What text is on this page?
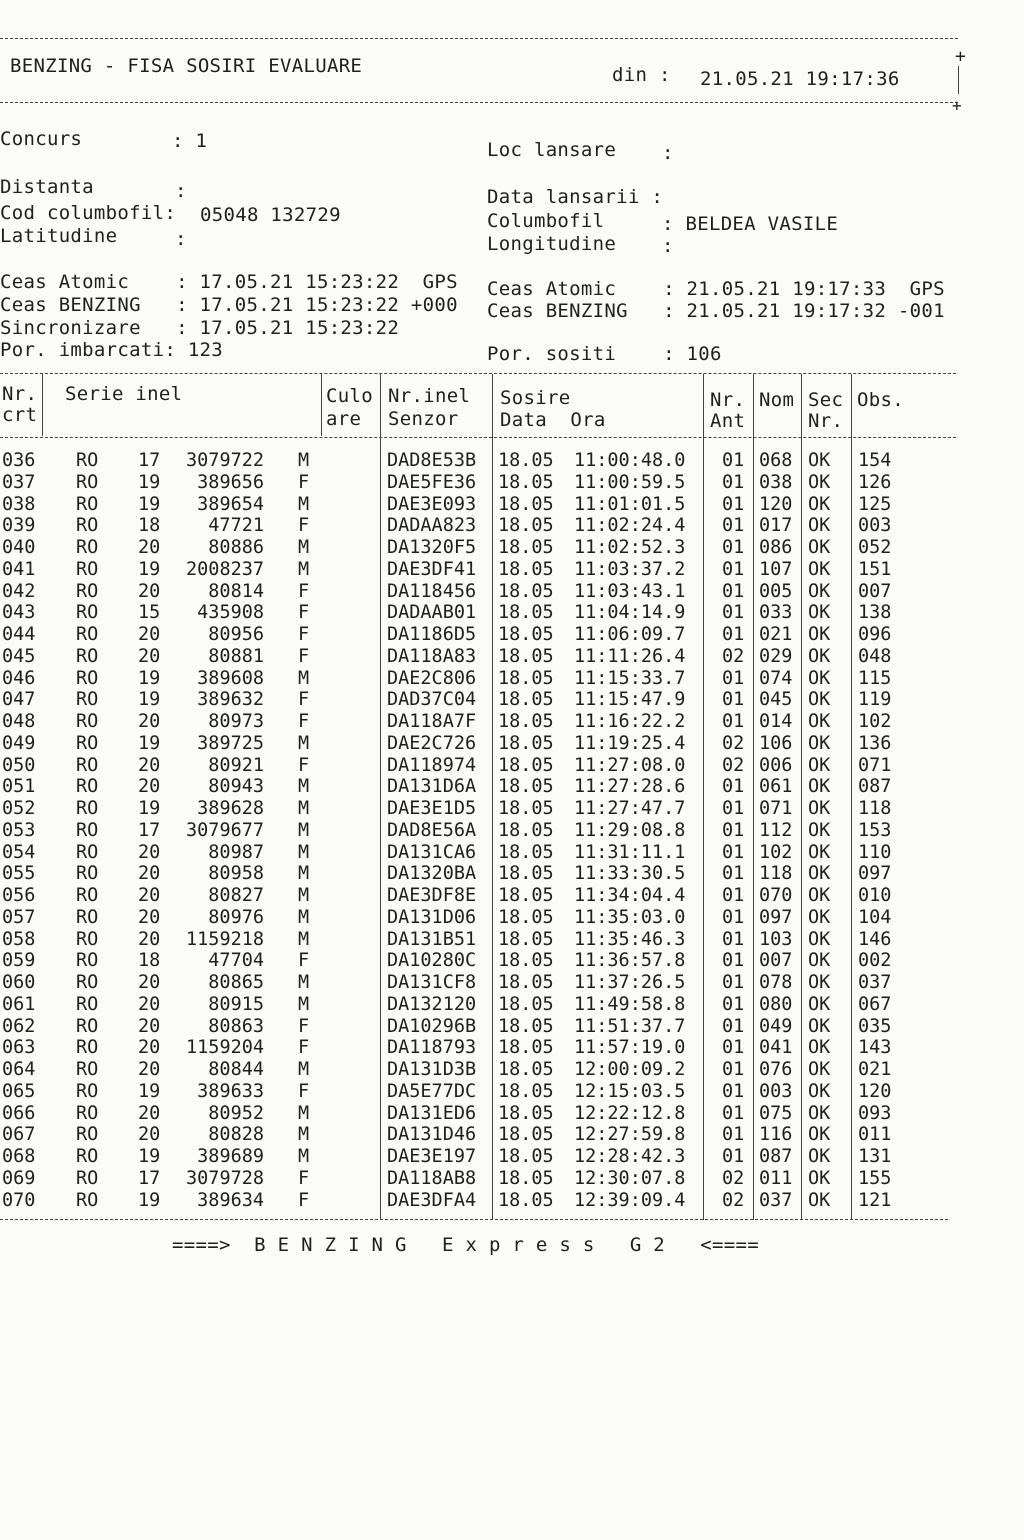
+
BENZING - FISA SOSIRI EVALUARE	din : 21.05.21 19:17:36
+
Concurs	: 1
Distanta	:
Cod columbofil: 05048 132729
Latitudine	:
Loc lansare :
Data lansarii :
Columbofil	: BELDEA VASILE
Longitudine :
Ceas Atomic    : 17.05.21 15:23:22  GPS
Ceas BENZING   : 17.05.21 15:23:22 +000
Sincronizare   : 17.05.21 15:23:22
Por. imbarcati: 123
Ceas Atomic    : 21.05.21 19:17:33  GPS
Ceas BENZING   : 21.05.21 19:17:32 -001
Por. sositi    : 106
Nr.
crt
Serie inel	Culo
are
Nr.inel
Senzor
Sosire
Data  Ora
Nr.
Ant
Nom Sec
Nr.
Obs.
036	RO	17	3079722 M	DAD8E53B	18.05 11:00:48.0	01 068 OK	154
037	RO	19	389656 F	DAE5FE36	18.05 11:00:59.5	01 038 OK	126
038	RO	19	389654 M	DAE3E093	18.05 11:01:01.5	01 120 OK	125
039	RO	18	47721 F	DADAA823	18.05 11:02:24.4	01 017 OK	003
040	RO	20	80886 M	DA1320F5	18.05 11:02:52.3	01 086 OK	052
041	RO	19	2008237 M	DAE3DF41	18.05 11:03:37.2	01 107 OK	151
042	RO	20	80814 F	DA118456	18.05 11:03:43.1	01 005 OK	007
043	RO	15	435908 F	DADAAB01	18.05 11:04:14.9	01 033 OK	138
044	RO	20	80956 F	DA1186D5	18.05 11:06:09.7	01 021 OK	096
045	RO	20	80881 F	DA118A83	18.05 11:11:26.4	02 029 OK	048
046	RO	19	389608 M	DAE2C806	18.05 11:15:33.7	01 074 OK	115
047	RO	19	389632 F	DAD37C04	18.05 11:15:47.9	01 045 OK	119
048	RO	20	80973 F	DA118A7F	18.05 11:16:22.2	01 014 OK	102
049	RO	19	389725 M	DAE2C726	18.05 11:19:25.4	02 106 OK	136
050	RO	20	80921 F	DA118974	18.05 11:27:08.0	02 006 OK	071
051	RO	20	80943 M	DA131D6A	18.05 11:27:28.6	01 061 OK	087
052	RO	19	389628 M	DAE3E1D5	18.05 11:27:47.7	01 071 OK	118
053	RO	17	3079677 M	DAD8E56A	18.05 11:29:08.8	01 112 OK	153
054	RO	20	80987 M	DA131CA6	18.05 11:31:11.1	01 102 OK	110
055	RO	20	80958 M	DA1320BA	18.05 11:33:30.5	01 118 OK	097
056	RO	20	80827 M	DAE3DF8E	18.05 11:34:04.4	01 070 OK	010
057	RO	20	80976 M	DA131D06	18.05 11:35:03.0	01 097 OK	104
058	RO	20	1159218 M	DA131B51	18.05 11:35:46.3	01 103 OK	146
059	RO	18	47704 F	DA10280C	18.05 11:36:57.8	01 007 OK	002
060	RO	20	80865 M	DA131CF8	18.05 11:37:26.5	01 078 OK	037
061	RO	20	80915 M	DA132120	18.05 11:49:58.8	01 080 OK	067
062	RO	20	80863 F	DA10296B	18.05 11:51:37.7	01 049 OK	035
063	RO	20	1159204 F	DA118793	18.05 11:57:19.0	01 041 OK	143
064	RO	20	80844 M	DA131D3B	18.05 12:00:09.2	01 076 OK	021
065	RO	19	389633 F	DA5E77DC	18.05 12:15:03.5	01 003 OK	120
066	RO	20	80952 M	DA131ED6	18.05 12:22:12.8	01 075 OK	093
067	RO	20	80828 M	DA131D46	18.05 12:27:59.8	01 116 OK	011
068	RO	19	389689 M	DAE3E197	18.05 12:28:42.3	01 087 OK	131
069	RO	17	3079728 F	DA118AB8	18.05 12:30:07.8	02 011 OK	155
070	RO	19	389634 F	DAE3DFA4	18.05 12:39:09.4	02 037 OK	121
====>  B E N Z I N G   E x p r e s s   G 2   <====
